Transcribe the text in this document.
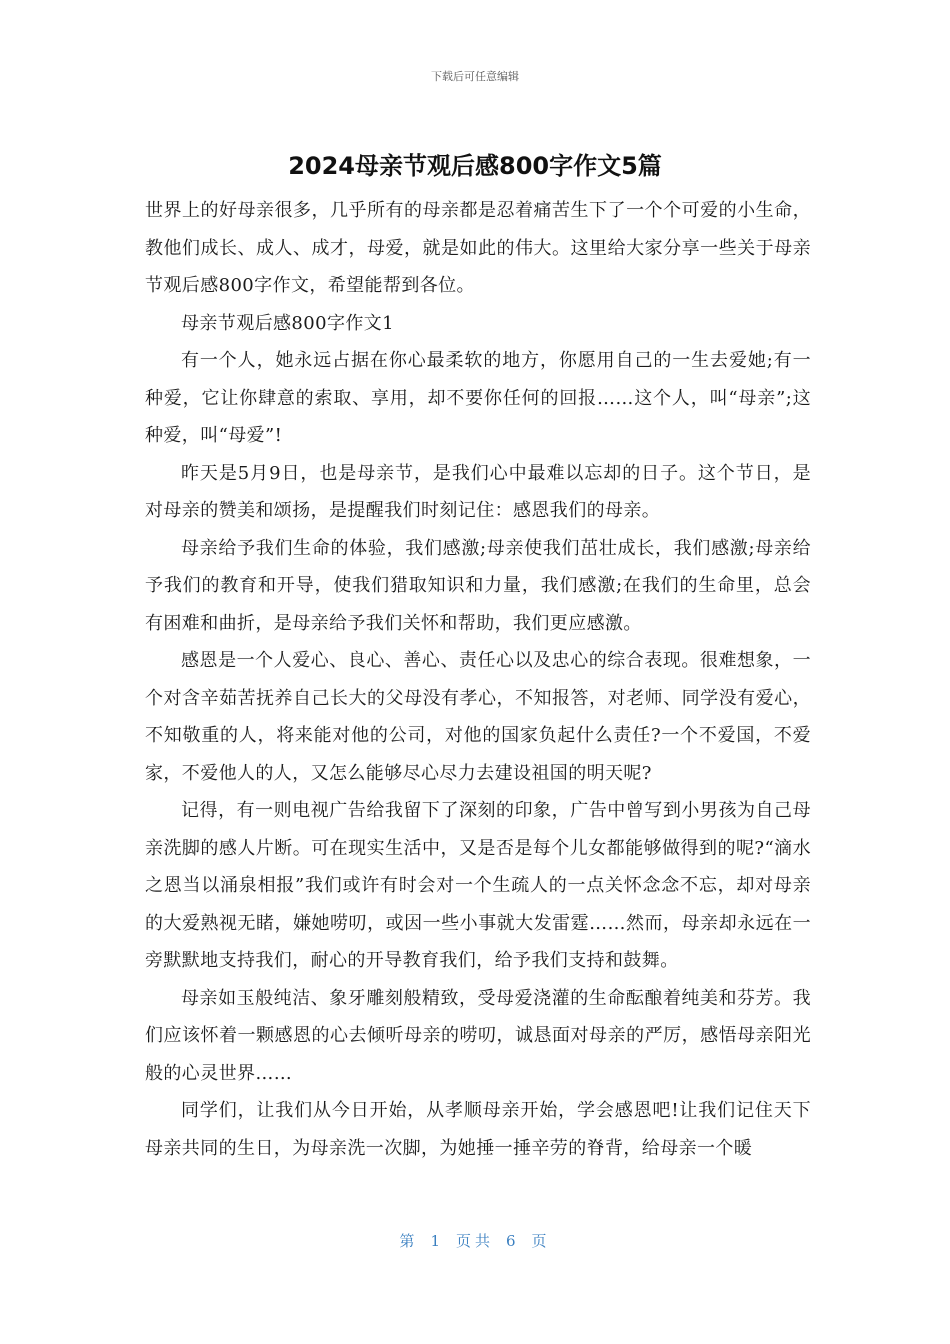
下载后可任意编辑
2024母亲节观后感800字作文5篇

世界上的好母亲很多，几乎所有的母亲都是忍着痛苦生下了一个个可爱的小生命，教他们成长、成人、成才，母爱，就是如此的伟大。这里给大家分享一些关于母亲节观后感800字作文，希望能帮到各位。

母亲节观后感800字作文1

有一个人，她永远占据在你心最柔软的地方，你愿用自己的一生去爱她;有一种爱，它让你肆意的索取、享用，却不要你任何的回报……这个人，叫“母亲”;这种爱，叫“母爱”!

昨天是5月9日，也是母亲节，是我们心中最难以忘却的日子。这个节日，是对母亲的赞美和颂扬，是提醒我们时刻记住：感恩我们的母亲。

母亲给予我们生命的体验，我们感激;母亲使我们茁壮成长，我们感激;母亲给予我们的教育和开导，使我们猎取知识和力量，我们感激;在我们的生命里，总会有困难和曲折，是母亲给予我们关怀和帮助，我们更应感激。

感恩是一个人爱心、良心、善心、责任心以及忠心的综合表现。很难想象，一个对含辛茹苦抚养自己长大的父母没有孝心，不知报答，对老师、同学没有爱心，不知敬重的人，将来能对他的公司，对他的国家负起什么责任?一个不爱国，不爱家，不爱他人的人，又怎么能够尽心尽力去建设祖国的明天呢?

记得，有一则电视广告给我留下了深刻的印象，广告中曾写到小男孩为自己母亲洗脚的感人片断。可在现实生活中，又是否是每个儿女都能够做得到的呢?“滴水之恩当以涌泉相报”我们或许有时会对一个生疏人的一点关怀念念不忘，却对母亲的大爱熟视无睹，嫌她唠叨，或因一些小事就大发雷霆……然而，母亲却永远在一旁默默地支持我们，耐心的开导教育我们，给予我们支持和鼓舞。

母亲如玉般纯洁、象牙雕刻般精致，受母爱浇灌的生命酝酿着纯美和芬芳。我们应该怀着一颗感恩的心去倾听母亲的唠叨，诚恳面对母亲的严厉，感悟母亲阳光般的心灵世界……

同学们，让我们从今日开始，从孝顺母亲开始，学会感恩吧!让我们记住天下母亲共同的生日，为母亲洗一次脚，为她捶一捶辛劳的脊背，给母亲一个暖

第 1 页共 6 页
